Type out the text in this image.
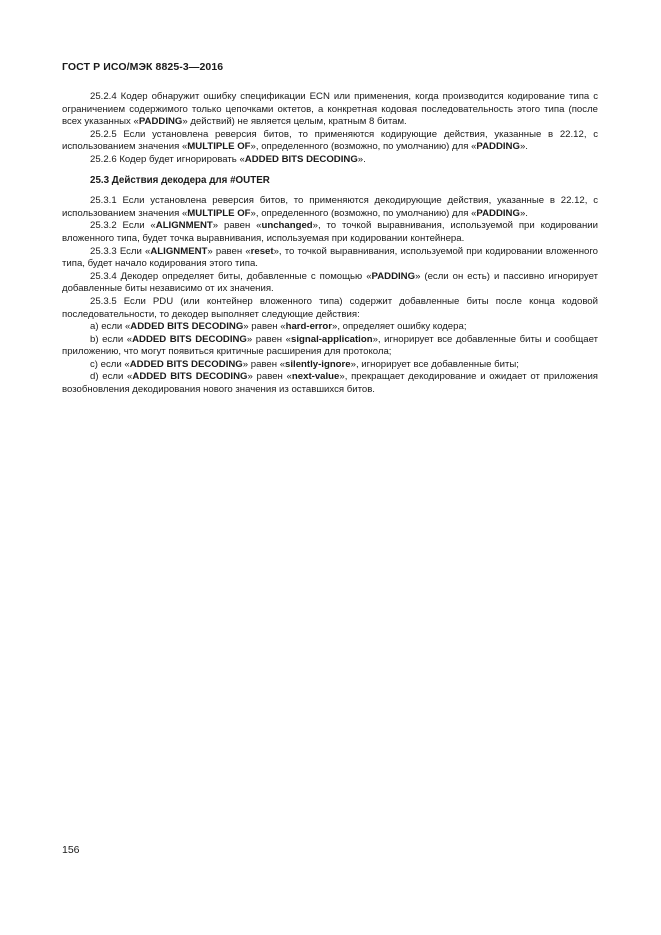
ГОСТ Р ИСО/МЭК 8825-3—2016

25.2.4 Кодер обнаружит ошибку спецификации ECN или применения, когда производится кодирование типа с ограничением содержимого только цепочками октетов, а конкретная кодовая последовательность этого типа (после всех указанных «PADDING» действий) не является целым, кратным 8 битам.

25.2.5 Если установлена реверсия битов, то применяются кодирующие действия, указанные в 22.12, с использованием значения «MULTIPLE OF», определенного (возможно, по умолчанию) для «PADDING».

25.2.6 Кодер будет игнорировать «ADDED BITS DECODING».

25.3 Действия декодера для #OUTER

25.3.1 Если установлена реверсия битов, то применяются декодирующие действия, указанные в 22.12, с использованием значения «MULTIPLE OF», определенного (возможно, по умолчанию) для «PADDING».

25.3.2 Если «ALIGNMENT» равен «unchanged», то точкой выравнивания, используемой при кодировании вложенного типа, будет точка выравнивания, используемая при кодировании контейнера.

25.3.3 Если «ALIGNMENT» равен «reset», то точкой выравнивания, используемой при кодировании вложенного типа, будет начало кодирования этого типа.

25.3.4 Декодер определяет биты, добавленные с помощью «PADDING» (если он есть) и пассивно игнорирует добавленные биты независимо от их значения.

25.3.5 Если PDU (или контейнер вложенного типа) содержит добавленные биты после конца кодовой последовательности, то декодер выполняет следующие действия:

а) если «ADDED BITS DECODING» равен «hard-error», определяет ошибку кодера;

b) если «ADDED BITS DECODING» равен «signal-application», игнорирует все добавленные биты и сообщает приложению, что могут появиться критичные расширения для протокола;

с) если «ADDED BITS DECODING» равен «silently-ignore», игнорирует все добавленные биты;

d) если «ADDED BITS DECODING» равен «next-value», прекращает декодирование и ожидает от приложения возобновления декодирования нового значения из оставшихся битов.

156
